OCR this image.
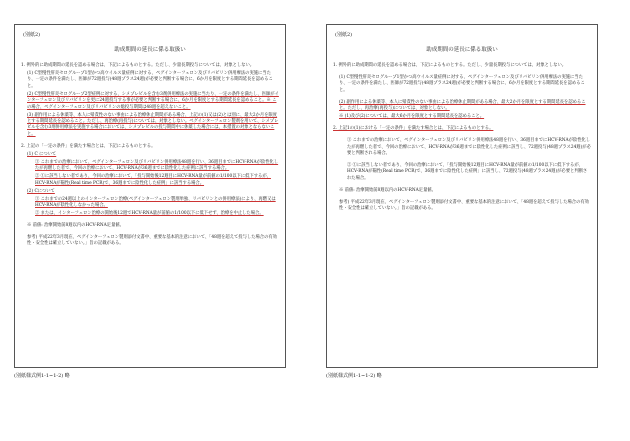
(別紙2)
助成期間の延長に係る取扱い

1. 例外的に助成期間の延長を認める場合は、下記によるものとする。ただし、少量長期投与については、対象としない。

(1) C型慢性肝炎セログループ1型かつ高ウイルス量症例に対する、ペグインターフェロン及びリバビリン併用療法の実施に当たり、一定の条件を満たし、医師が72週投与(48週プラス24週)が必要と判断する場合に、6か月を限度とする期間延長を認めること。

(2) C型慢性肝炎セログループ2型症例に対する、シメプレビルを含む3剤併用療法の実施に当たり、一定の条件を満たし、医師がインターフェロン及びリバビリンを更に24週投与する事が必要と判断する場合に、6か月を限度とする期間延長を認めること。※ この場合、ペグインターフェロン及びリバビリンの総投与期間は48週を超えないこと。

(3) 副作用による休薬等、本人に帰責性のない事由による治療休止期間がある場合、上記の(1)又は(2)とは別に、最大2か月を限度とする期間延長を認めること。ただし、再治療(再投与)については、対象としない。ペグインターフェロン製剤を用いて、シメプレビルを含む3剤併用療法を実施する場合においては、シメプレビルの投与期間中に休薬した場合には、本措置の対象とならないこと。

2. 上記の「一定の条件」を満たす場合とは、下記によるものとする。

(1) C について

① これまでの治療において、ペグインターフェロン及びリバビリン併用療法48週を行い、36週目までにHCV-RNAが陰性化したが再燃した者で、今回の治療において、HCV-RNAが36週までに陰性化した症例に該当する場合。

② ①に該当しない者であり、今回の治療において、「投与開始後12週目にHCV-RNA量が前値の1/100以下に低下するが、HCV-RNAが陽性(Real time PCR)で、36週までに陰性化した症例」に該当する場合。

(2) Cについて

① これまでの24週以上のインターフェロン治療(ペグインターフェロン製剤単独、リバビリンとの併用療法)により、再燃又はHCV-RNAが陰性化しなかった場合。

② または、インターフェロン治療の開始後12週でHCV-RNA量が前値の1/100以下に低下せず、治療を中止した場合。

※ 前値: 治療開始前8週以内のHCV-RNA定量値。

参考) 平成22年3月現在、ペグインターフェロン製剤添付文書中、重要な基本的注意において、「48週を超えて投与した場合の有効性・安全性は確立していない。」旨の記載がある。

(別紙様式例1-1~1-2) 略
(別紙2)
助成期間の延長に係る取扱い

1. 例外的に助成期間の延長を認める場合は、下記によるものとする。ただし、少量長期投与については、対象としない。

(1) C型慢性肝炎セログループ1型かつ高ウイルス量症例に対する、ペグインターフェロン及びリバビリン併用療法の実施に当たり、一定の条件を満たし、医師が72週投与(48週プラス24週)が必要と判断する場合に、6か月を限度とする期間延長を認めること。

(2) 副作用による休薬等、本人に帰責性のない事由による治療休止期間がある場合、最大2か月を限度とする期間延長を認めること。ただし、再治療(再投与)については、対象としない。

※ (1)及び(2)については、最大6か月を限度とする期間延長を認めること。

2. 上記1の(1)における「一定の条件」を満たす場合とは、下記によるものとする。

① これまでの治療において、ペグインターフェロン及びリバビリン併用療法48週を行い、36週目までにHCV-RNAが陰性化したが再燃した者で、今回の治療において、HCV-RNAが36週までに陰性化した症例に該当し、72週投与(48週プラス24週)が必要と判断される場合。

② ①に該当しない者であり、今回の治療において、「投与開始後12週目にHCV-RNA量が前値の1/100以下に低下するが、HCV-RNAが陽性(Real time PCR)で、36週までに陰性化した症例」に該当し、72週投与(48週プラス24週)が必要と判断された場合。

※ 前値: 治療開始前8週以内のHCV-RNA定量値。

参考) 平成22年3月現在、ペグインターフェロン製剤添付文書中、重要な基本的注意において、「48週を超えて投与した場合の有効性・安全性は確立していない。」旨の記載がある。

(別紙様式例1-1~1-2) 略
